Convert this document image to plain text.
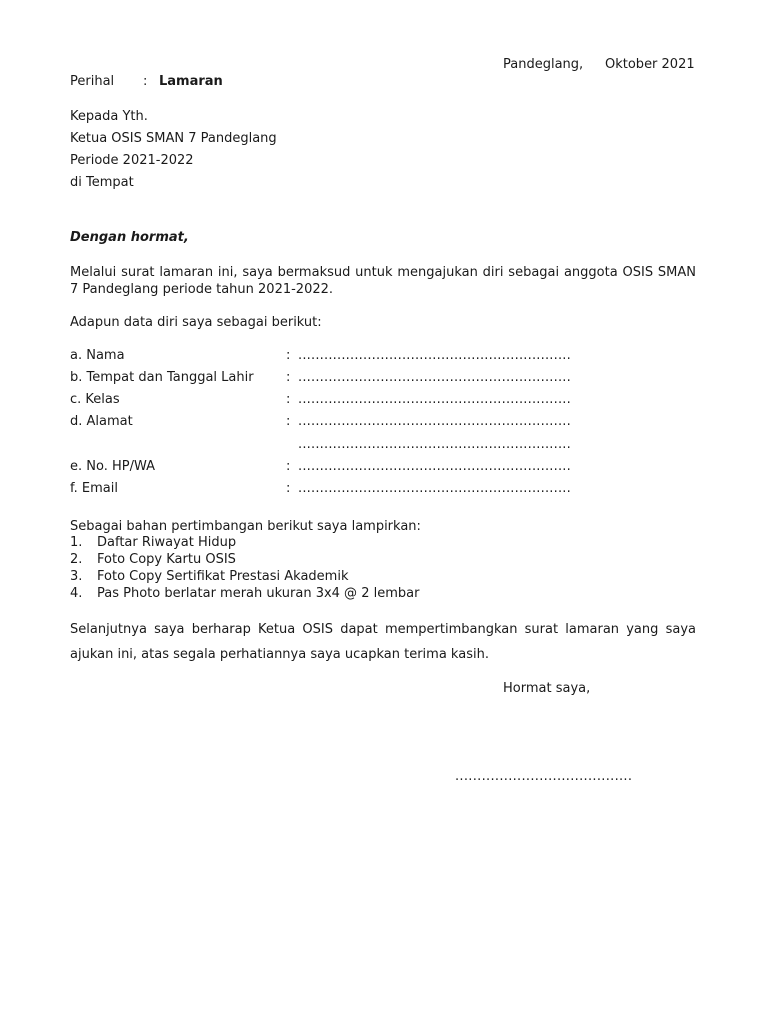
Pandeglang, Oktober 2021
Perihal : Lamaran
Kepada Yth.
Ketua OSIS SMAN 7 Pandeglang
Periode 2021-2022
di Tempat
Dengan hormat,
Melalui surat lamaran ini, saya bermaksud untuk mengajukan diri sebagai anggota OSIS SMAN 7 Pandeglang periode tahun 2021-2022.
Adapun data diri saya sebagai berikut:
a. Nama	: ...............................................................
b. Tempat dan Tanggal Lahir : ...............................................................
c. Kelas	: ...............................................................
d. Alamat	: ...............................................................
...............................................................
e. No. HP/WA	: ...............................................................
f. Email	: ...............................................................
Sebagai bahan pertimbangan berikut saya lampirkan:
1. Daftar Riwayat Hidup
2. Foto Copy Kartu OSIS
3. Foto Copy Sertifikat Prestasi Akademik
4. Pas Photo berlatar merah ukuran 3x4 @ 2 lembar
Selanjutnya saya berharap Ketua OSIS dapat mempertimbangkan surat lamaran yang saya ajukan ini, atas segala perhatiannya saya ucapkan terima kasih.
Hormat saya,
........................................
